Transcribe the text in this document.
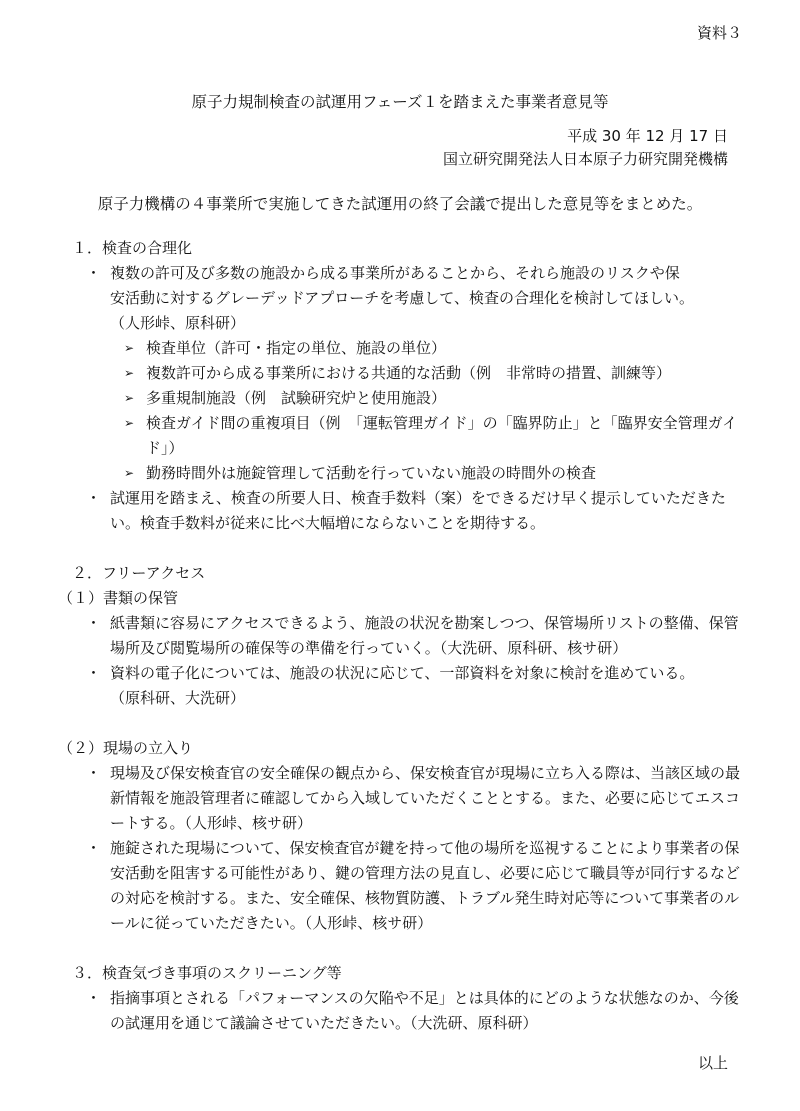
資料３
原子力規制検査の試運用フェーズ１を踏まえた事業者意見等
平成 30 年 12 月 17 日
国立研究開発法人日本原子力研究開発機構
原子力機構の４事業所で実施してきた試運用の終了会議で提出した意見等をまとめた。
１．検査の合理化
・ 複数の許可及び多数の施設から成る事業所があることから、それら施設のリスクや保
安活動に対するグレーデッドアプローチを考慮して、検査の合理化を検討してほしい。
（人形峠、原科研）
➢ 検査単位（許可・指定の単位、施設の単位）
➢ 複数許可から成る事業所における共通的な活動（例　非常時の措置、訓練等）
➢ 多重規制施設（例　試験研究炉と使用施設）
➢ 検査ガイド間の重複項目（例　「運転管理ガイド」の「臨界防止」と「臨界安全管理ガイド」）
➢ 勤務時間外は施錠管理して活動を行っていない施設の時間外の検査
・ 試運用を踏まえ、検査の所要人日、検査手数料（案）をできるだけ早く提示していただきたい。検査手数料が従来に比べ大幅増にならないことを期待する。
２．フリーアクセス
（１）書類の保管
・ 紙書類に容易にアクセスできるよう、施設の状況を勘案しつつ、保管場所リストの整備、保管場所及び閲覧場所の確保等の準備を行っていく。（大洗研、原科研、核サ研）
・ 資料の電子化については、施設の状況に応じて、一部資料を対象に検討を進めている。
（原科研、大洗研）
（２）現場の立入り
・ 現場及び保安検査官の安全確保の観点から、保安検査官が現場に立ち入る際は、当該区域の最新情報を施設管理者に確認してから入域していただくこととする。また、必要に応じてエスコートする。（人形峠、核サ研）
・ 施錠された現場について、保安検査官が鍵を持って他の場所を巡視することにより事業者の保安活動を阻害する可能性があり、鍵の管理方法の見直し、必要に応じて職員等が同行するなどの対応を検討する。また、安全確保、核物質防護、トラブル発生時対応等について事業者のルールに従っていただきたい。（人形峠、核サ研）
３．検査気づき事項のスクリーニング等
・ 指摘事項とされる「パフォーマンスの欠陥や不足」とは具体的にどのような状態なのか、今後の試運用を通じて議論させていただきたい。（大洗研、原科研）
以上
